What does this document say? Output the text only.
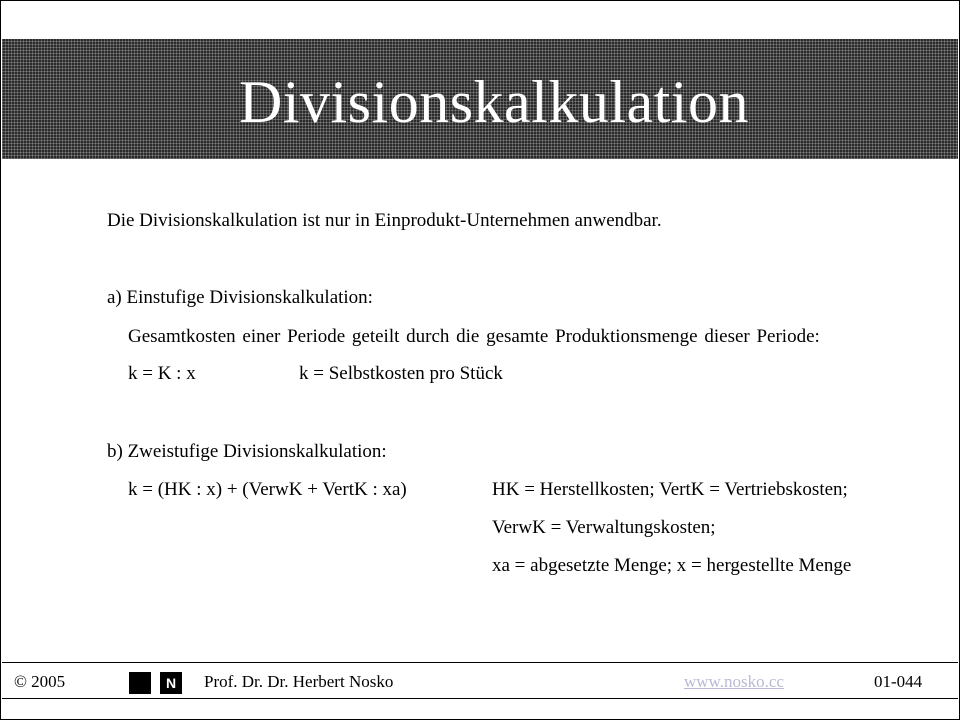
Divisionskalkulation

Die Divisionskalkulation ist nur in Einprodukt-Unternehmen anwendbar.

a) Einstufige Divisionskalkulation:

Gesamtkosten einer Periode geteilt durch die gesamte Produktionsmenge dieser Periode:

k = K : x	k = Selbstkosten pro Stück

b) Zweistufige Divisionskalkulation:

k = (HK : x) + (VerwK + VertK : xa)	HK = Herstellkosten; VertK = Vertriebskosten;

VerwK = Verwaltungskosten;

xa = abgesetzte Menge; x = hergestellte Menge

© 2005	N	Prof. Dr. Dr. Herbert Nosko	www.nosko.cc	01-044
